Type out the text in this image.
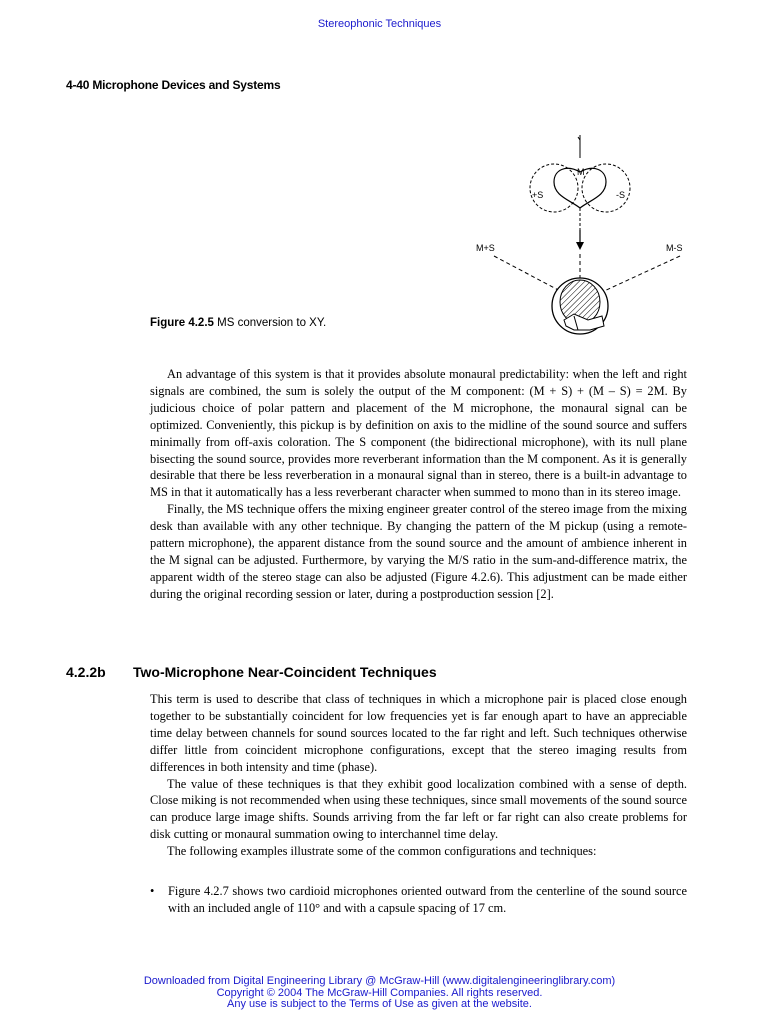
Stereophonic Techniques
4-40 Microphone Devices and Systems
M
+S	-S
M+S	M-S
Figure 4.2.5 MS conversion to XY.

An advantage of this system is that it provides absolute monaural predictability: when the left and right signals are combined, the sum is solely the output of the M component: (M + S) + (M – S) = 2M. By judicious choice of polar pattern and placement of the M microphone, the monaural signal can be optimized. Conveniently, this pickup is by definition on axis to the midline of the sound source and suffers minimally from off-axis coloration. The S component (the bidirectional microphone), with its null plane bisecting the sound source, provides more reverberant information than the M component. As it is generally desirable that there be less reverberation in a monaural signal than in stereo, there is a built-in advantage to MS in that it automatically has a less reverberant character when summed to mono than in its stereo image.

Finally, the MS technique offers the mixing engineer greater control of the stereo image from the mixing desk than available with any other technique. By changing the pattern of the M pickup (using a remote-pattern microphone), the apparent distance from the sound source and the amount of ambience inherent in the M signal can be adjusted. Furthermore, by varying the M/S ratio in the sum-and-difference matrix, the apparent width of the stereo stage can also be adjusted (Figure 4.2.6). This adjustment can be made either during the original recording session or later, during a postproduction session [2].

4.2.2b Two-Microphone Near-Coincident Techniques

This term is used to describe that class of techniques in which a microphone pair is placed close enough together to be substantially coincident for low frequencies yet is far enough apart to have an appreciable time delay between channels for sound sources located to the far right and left. Such techniques otherwise differ little from coincident microphone configurations, except that the stereo imaging results from differences in both intensity and time (phase).

The value of these techniques is that they exhibit good localization combined with a sense of depth. Close miking is not recommended when using these techniques, since small movements of the sound source can produce large image shifts. Sounds arriving from the far left or far right can also create problems for disk cutting or monaural summation owing to interchannel time delay.

The following examples illustrate some of the common configurations and techniques:

• Figure 4.2.7 shows two cardioid microphones oriented outward from the centerline of the sound source with an included angle of 110° and with a capsule spacing of 17 cm.
Downloaded from Digital Engineering Library @ McGraw-Hill (www.digitalengineeringlibrary.com)
Copyright © 2004 The McGraw-Hill Companies. All rights reserved.
Any use is subject to the Terms of Use as given at the website.
